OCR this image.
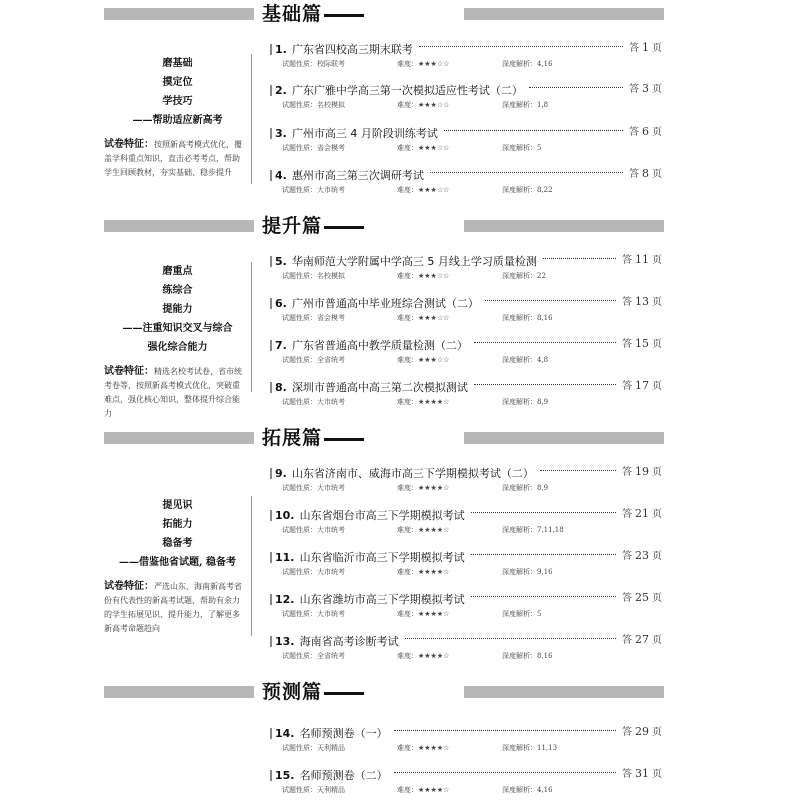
基础篇
磨基础
摸定位
学技巧
——帮助适应新高考
试卷特征：按照新高考模式优化，覆盖学科重点知识，直击必考考点，帮助学生回顾教材，夯实基础、稳步提升
1. 广东省四校高三期末联考	答 1 页
试题性质：校际联考	难度：★★★☆☆	深度解析：4,16
2. 广东广雅中学高三第一次模拟适应性考试（二）	答 3 页
试题性质：名校模拟	难度：★★★☆☆	深度解析：1,8
3. 广州市高三 4 月阶段训练考试	答 6 页
试题性质：省会模考	难度：★★★☆☆	深度解析：5
4. 惠州市高三第三次调研考试	答 8 页
试题性质：大市统考	难度：★★★☆☆	深度解析：8,22
提升篇
磨重点
练综合
提能力
——注重知识交叉与综合
强化综合能力
试卷特征：精选名校考试卷，省市统考卷等，按照新高考模式优化，突破重难点，强化核心知识，整体提升综合能力
5. 华南师范大学附属中学高三 5 月线上学习质量检测	答 11 页
试题性质：名校模拟	难度：★★★☆☆	深度解析：22
6. 广州市普通高中毕业班综合测试（二）	答 13 页
试题性质：省会模考	难度：★★★☆☆	深度解析：8,16
7. 广东省普通高中教学质量检测（二）	答 15 页
试题性质：全省统考	难度：★★★☆☆	深度解析：4,8
8. 深圳市普通高中高三第二次模拟测试	答 17 页
试题性质：大市统考	难度：★★★★☆	深度解析：8,9
拓展篇
提见识
拓能力
稳备考
——借鉴他省试题, 稳备考
试卷特征：严选山东、海南新高考省份有代表性的新高考试题，帮助有余力的学生拓展见识、提升能力，了解更多新高考命题趋向
9. 山东省济南市、威海市高三下学期模拟考试（二）	答 19 页
试题性质：大市统考	难度：★★★★☆	深度解析：8,9
10. 山东省烟台市高三下学期模拟考试	答 21 页
试题性质：大市统考	难度：★★★★☆	深度解析：7,11,18
11. 山东省临沂市高三下学期模拟考试	答 23 页
试题性质：大市统考	难度：★★★★☆	深度解析：9,16
12. 山东省潍坊市高三下学期模拟考试	答 25 页
试题性质：大市统考	难度：★★★★☆	深度解析：5
13. 海南省高考诊断考试	答 27 页
试题性质：全省统考	难度：★★★★☆	深度解析：8,16
预测篇
14. 名师预测卷（一）	答 29 页
试题性质：天利精品	难度：★★★★☆	深度解析：11,13
15. 名师预测卷（二）	答 31 页
试题性质：天利精品	难度：★★★★☆	深度解析：4,16
